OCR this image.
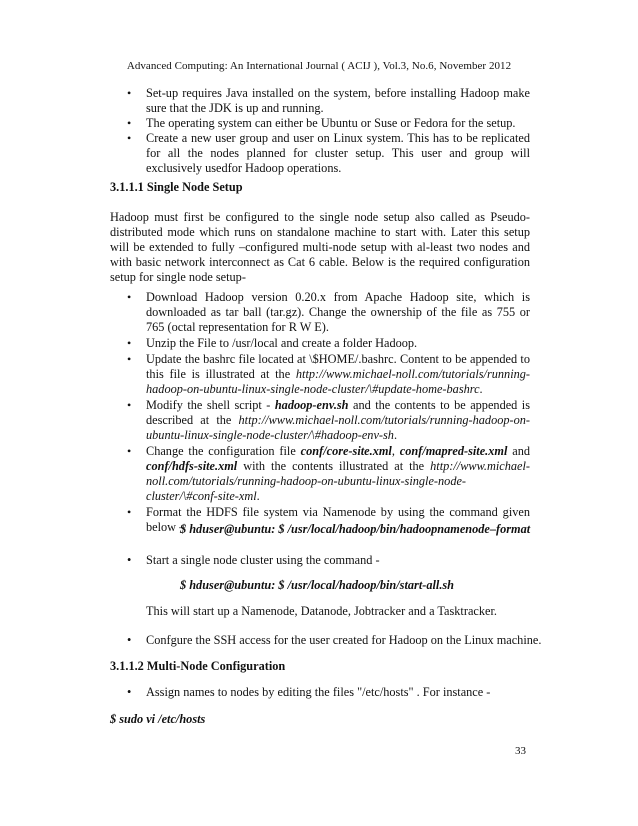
Advanced Computing: An International Journal ( ACIJ ), Vol.3, No.6, November 2012
• Set-up requires Java installed on the system, before installing Hadoop make sure that the JDK is up and running.
• The operating system can either be Ubuntu or Suse or Fedora for the setup.
• Create a new user group and user on Linux system. This has to be replicated for all the nodes planned for cluster setup. This user and group will exclusively usedfor Hadoop operations.
3.1.1.1 Single Node Setup
Hadoop must first be configured to the single node setup also called as Pseudo-distributed mode which runs on standalone machine to start with. Later this setup will be extended to fully –configured multi-node setup with al-least two nodes and with basic network interconnect as Cat 6 cable. Below is the required configuration setup for single node setup-
• Download Hadoop version 0.20.x from Apache Hadoop site, which is downloaded as tar ball (tar.gz). Change the ownership of the file as 755 or 765 (octal representation for R W E).
• Unzip the File to /usr/local and create a folder Hadoop.
• Update the bashrc file located at \$HOME/.bashrc. Content to be appended to this file is illustrated at the http://www.michael-noll.com/tutorials/running-hadoop-on-ubuntu-linux-single-node-cluster/\#update-home-bashrc.
• Modify the shell script - hadoop-env.sh and the contents to be appended is described at the http://www.michael-noll.com/tutorials/running-hadoop-on-ubuntu-linux-single-node-cluster/\#hadoop-env-sh.
• Change the configuration file conf/core-site.xml, conf/mapred-site.xml and conf/hdfs-site.xml with the contents illustrated at the http://www.michael-noll.com/tutorials/running-hadoop-on-ubuntu-linux-single-node-cluster/\#conf-site-xml.
• Format the HDFS file system via Namenode by using the command given below –
$ hduser@ubuntu: $ /usr/local/hadoop/bin/hadoopnamenode–format
• Start a single node cluster using the command -
$ hduser@ubuntu: $ /usr/local/hadoop/bin/start-all.sh
This will start up a Namenode, Datanode, Jobtracker and a Tasktracker.
• Confgure the SSH access for the user created for Hadoop on the Linux machine.
3.1.1.2 Multi-Node Configuration
• Assign names to nodes by editing the files "/etc/hosts" . For instance -
$ sudo vi /etc/hosts
33
